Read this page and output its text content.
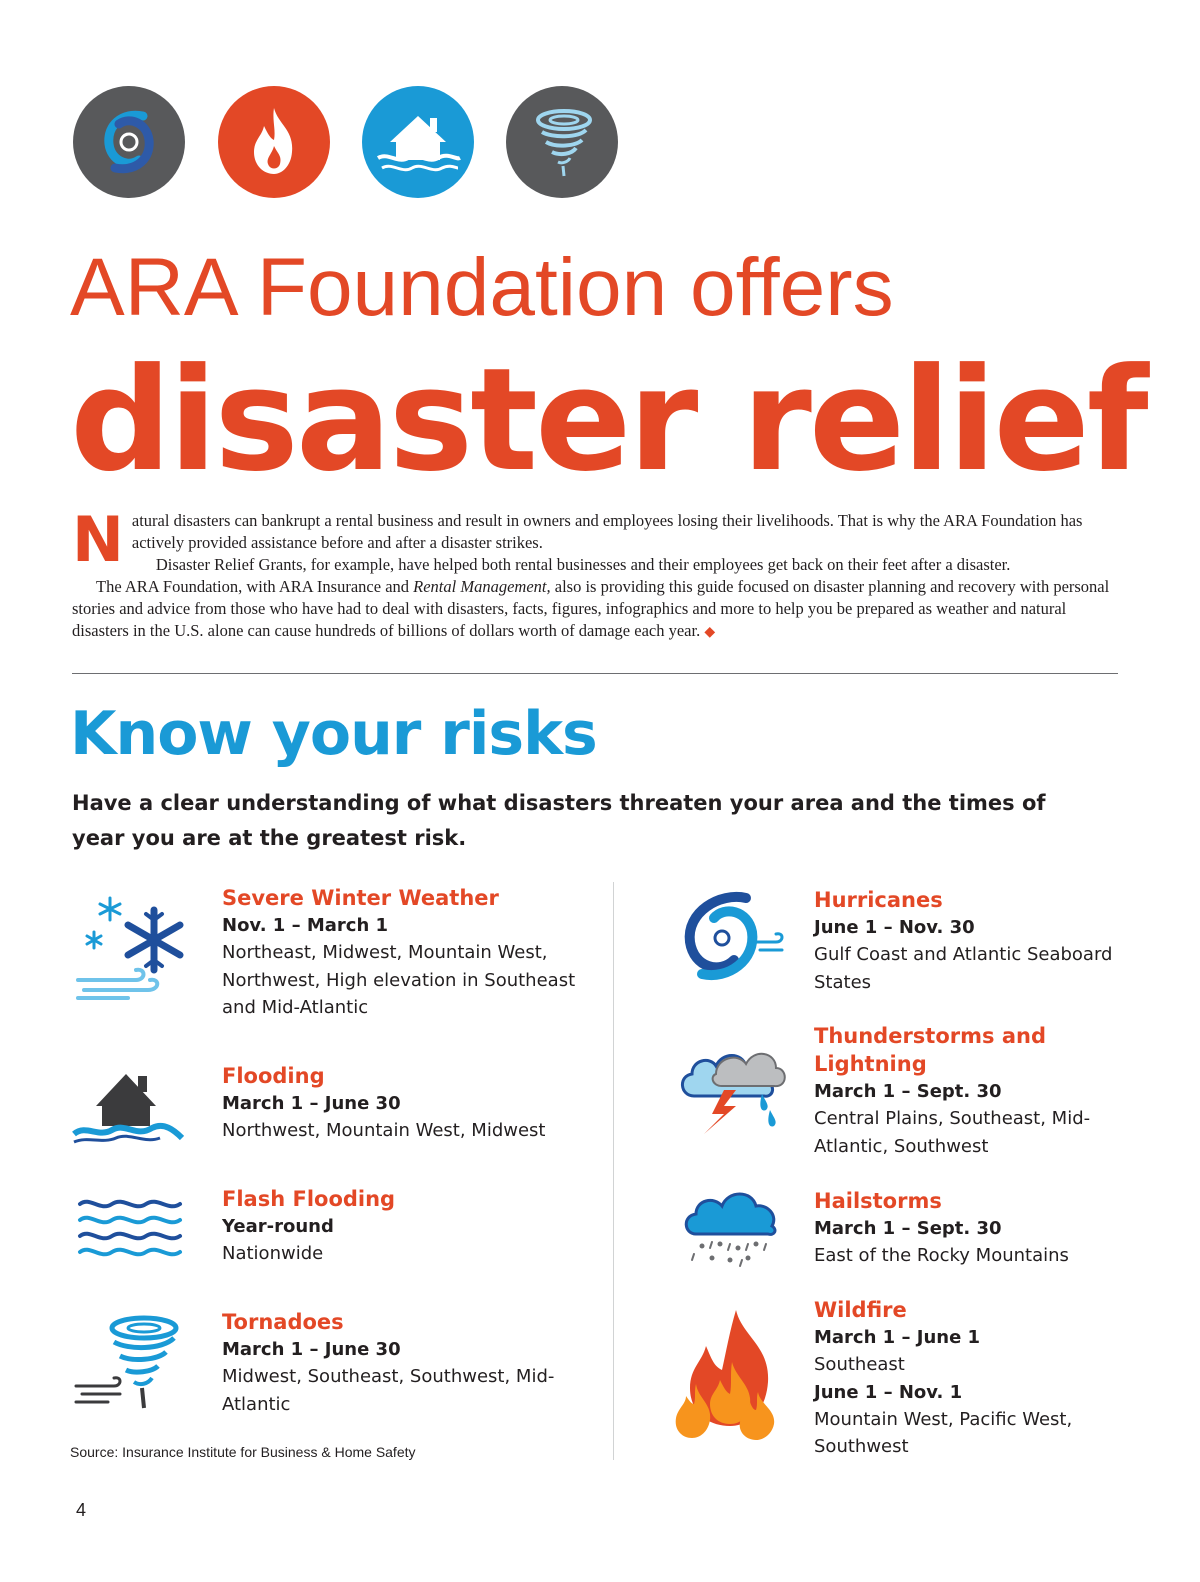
ARA Foundation offers
disaster relief
N atural disasters can bankrupt a rental business and result in owners and employees losing their livelihoods. That is why the ARA Foundation has actively provided assistance before and after a disaster strikes.

Disaster Relief Grants, for example, have helped both rental businesses and their employees get back on their feet after a disaster.

The ARA Foundation, with ARA Insurance and Rental Management, also is providing this guide focused on disaster planning and recovery with personal stories and advice from those who have had to deal with disasters, facts, figures, infographics and more to help you be prepared as weather and natural disasters in the U.S. alone can cause hundreds of billions of dollars worth of damage each year. ◆

Know your risks

Have a clear understanding of what disasters threaten your area and the times of year you are at the greatest risk.

Severe Winter Weather
Nov. 1 – March 1
Northeast, Midwest, Mountain West, Northwest, High elevation in Southeast and Mid-Atlantic
Flooding
March 1 – June 30
Northwest, Mountain West, Midwest
Flash Flooding
Year-round
Nationwide
Tornadoes
March 1 – June 30
Midwest, Southeast, Southwest, Mid-Atlantic
Hurricanes
June 1 – Nov. 30
Gulf Coast and Atlantic Seaboard States
Thunderstorms and Lightning
March 1 – Sept. 30
Central Plains, Southeast, Mid-Atlantic, Southwest
Hailstorms
March 1 – Sept. 30
East of the Rocky Mountains
Wildfire
March 1 – June 1
Southeast
June 1 – Nov. 1
Mountain West, Pacific West, Southwest
Source: Insurance Institute for Business & Home Safety
4
